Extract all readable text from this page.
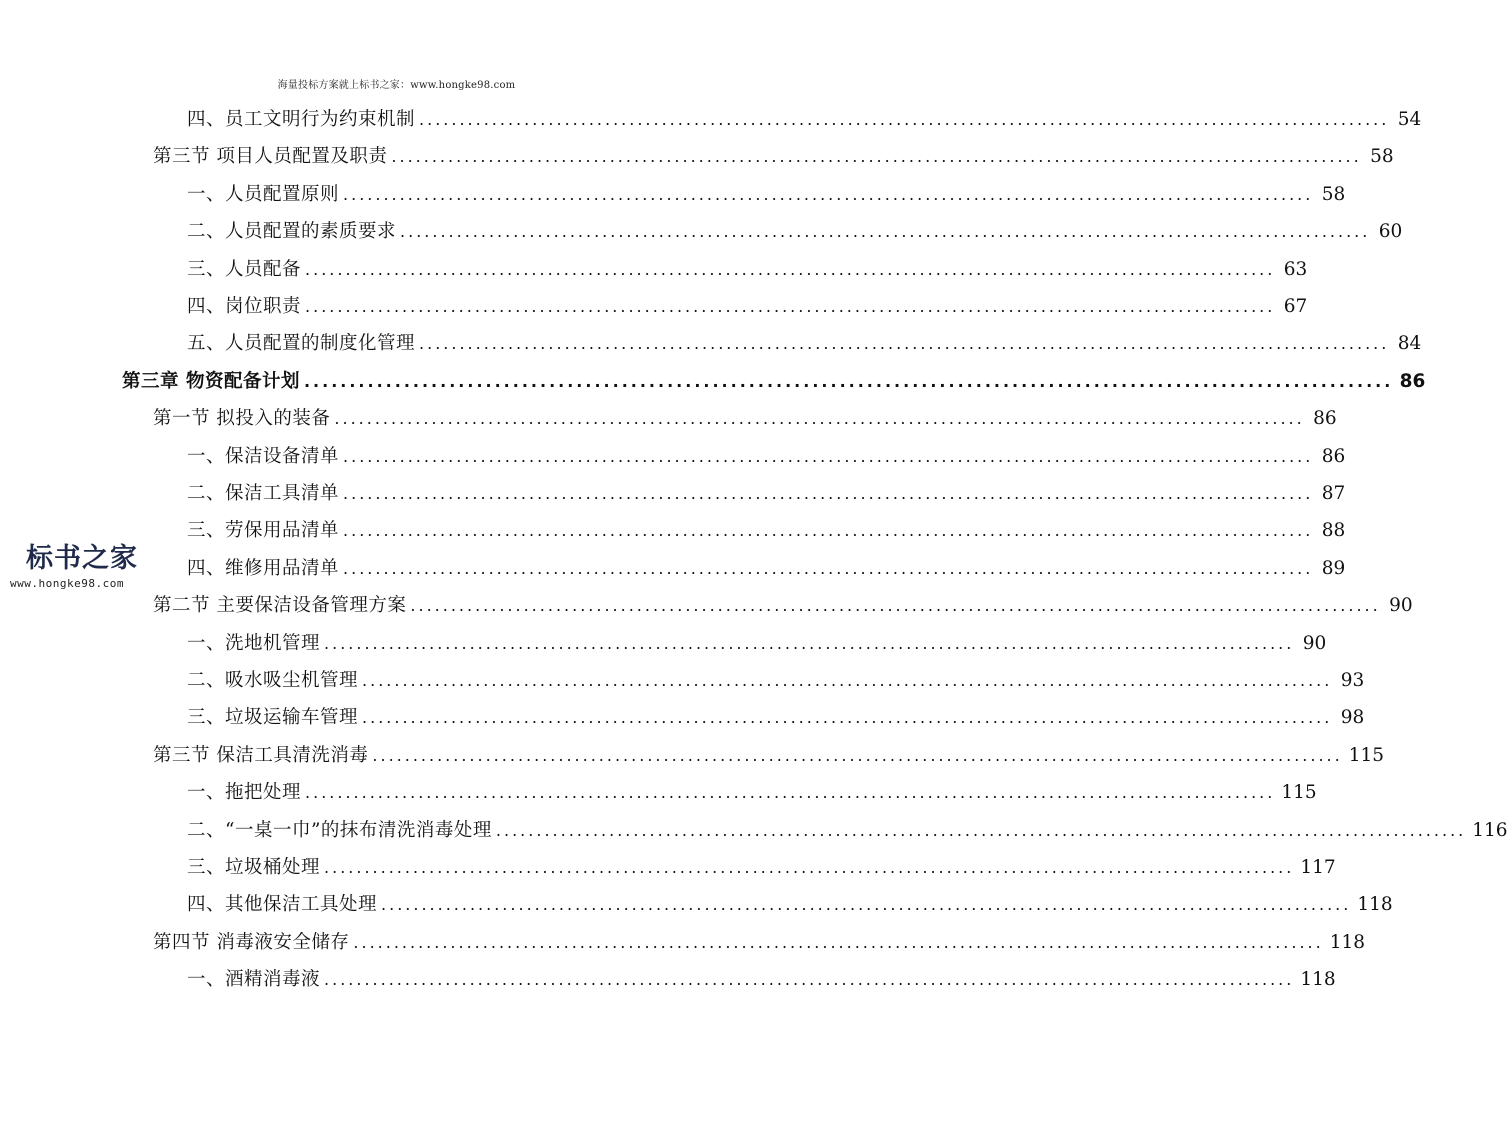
海量投标方案就上标书之家：www.hongke98.com
四、员工文明行为约束机制 ........................................................................................................................ 54
第三节 项目人员配置及职责 ........................................................................................................................ 58
一、人员配置原则 ........................................................................................................................ 58
二、人员配置的素质要求 ........................................................................................................................ 60
三、人员配备 ........................................................................................................................ 63
四、岗位职责 ........................................................................................................................ 67
五、人员配置的制度化管理 ........................................................................................................................ 84
第三章 物资配备计划 ........................................................................................................................ 86
第一节 拟投入的装备 ........................................................................................................................ 86
一、保洁设备清单 ........................................................................................................................ 86
二、保洁工具清单 ........................................................................................................................ 87
三、劳保用品清单 ........................................................................................................................ 88
四、维修用品清单 ........................................................................................................................ 89
第二节 主要保洁设备管理方案 ........................................................................................................................ 90
一、洗地机管理 ........................................................................................................................ 90
二、吸水吸尘机管理 ........................................................................................................................ 93
三、垃圾运输车管理 ........................................................................................................................ 98
第三节 保洁工具清洗消毒 ........................................................................................................................ 115
一、拖把处理 ........................................................................................................................ 115
二、“一桌一巾”的抹布清洗消毒处理 ........................................................................................................................ 116
三、垃圾桶处理 ........................................................................................................................ 117
四、其他保洁工具处理 ........................................................................................................................ 118
第四节 消毒液安全储存 ........................................................................................................................ 118
一、酒精消毒液 ........................................................................................................................ 118
标书之家
www.hongke98.com
